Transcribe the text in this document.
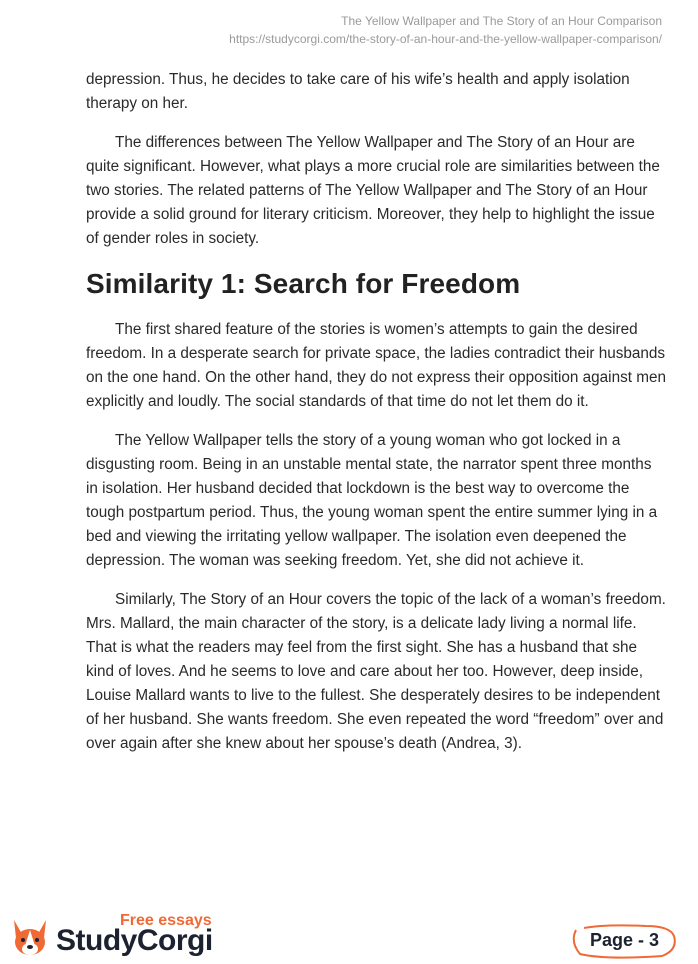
The Yellow Wallpaper and The Story of an Hour Comparison
https://studycorgi.com/the-story-of-an-hour-and-the-yellow-wallpaper-comparison/

depression. Thus, he decides to take care of his wife’s health and apply isolation therapy on her.

The differences between The Yellow Wallpaper and The Story of an Hour are quite significant. However, what plays a more crucial role are similarities between the two stories. The related patterns of The Yellow Wallpaper and The Story of an Hour provide a solid ground for literary criticism. Moreover, they help to highlight the issue of gender roles in society.

Similarity 1: Search for Freedom

The first shared feature of the stories is women’s attempts to gain the desired freedom. In a desperate search for private space, the ladies contradict their husbands on the one hand. On the other hand, they do not express their opposition against men explicitly and loudly. The social standards of that time do not let them do it.

The Yellow Wallpaper tells the story of a young woman who got locked in a disgusting room. Being in an unstable mental state, the narrator spent three months in isolation. Her husband decided that lockdown is the best way to overcome the tough postpartum period. Thus, the young woman spent the entire summer lying in a bed and viewing the irritating yellow wallpaper. The isolation even deepened the depression. The woman was seeking freedom. Yet, she did not achieve it.

Similarly, The Story of an Hour covers the topic of the lack of a woman’s freedom. Mrs. Mallard, the main character of the story, is a delicate lady living a normal life. That is what the readers may feel from the first sight. She has a husband that she kind of loves. And he seems to love and care about her too. However, deep inside, Louise Mallard wants to live to the fullest. She desperately desires to be independent of her husband. She wants freedom. She even repeated the word “freedom” over and over again after she knew about her spouse’s death (Andrea, 3).

Free essays
StudyCorgi	Page - 3
